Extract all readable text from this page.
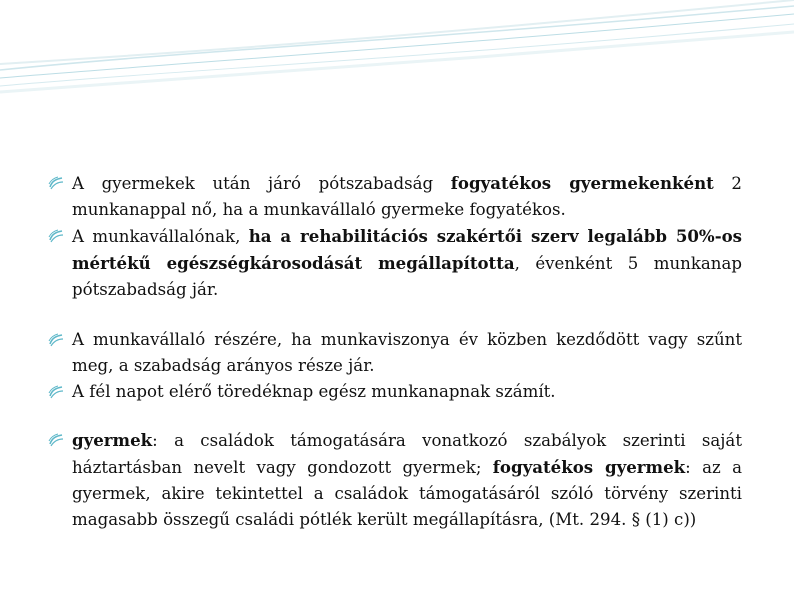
A gyermekek után járó pótszabadság fogyatékos gyermekenként 2 munkanappal nő, ha a munkavállaló gyermeke fogyatékos.
A munkavállalónak, ha a rehabilitációs szakértői szerv legalább 50%-os mértékű egészségkárosodását megállapította, évenként 5 munkanap pótszabadság jár.
A munkavállaló részére, ha munkaviszonya év közben kezdődött vagy szűnt meg, a szabadság arányos része jár.
A fél napot elérő töredéknap egész munkanapnak számít.
gyermek: a családok támogatására vonatkozó szabályok szerinti saját háztartásban nevelt vagy gondozott gyermek; fogyatékos gyermek: az a gyermek, akire tekintettel a családok támogatásáról szóló törvény szerinti magasabb összegű családi pótlék került megállapításra, (Mt. 294. § (1) c))
